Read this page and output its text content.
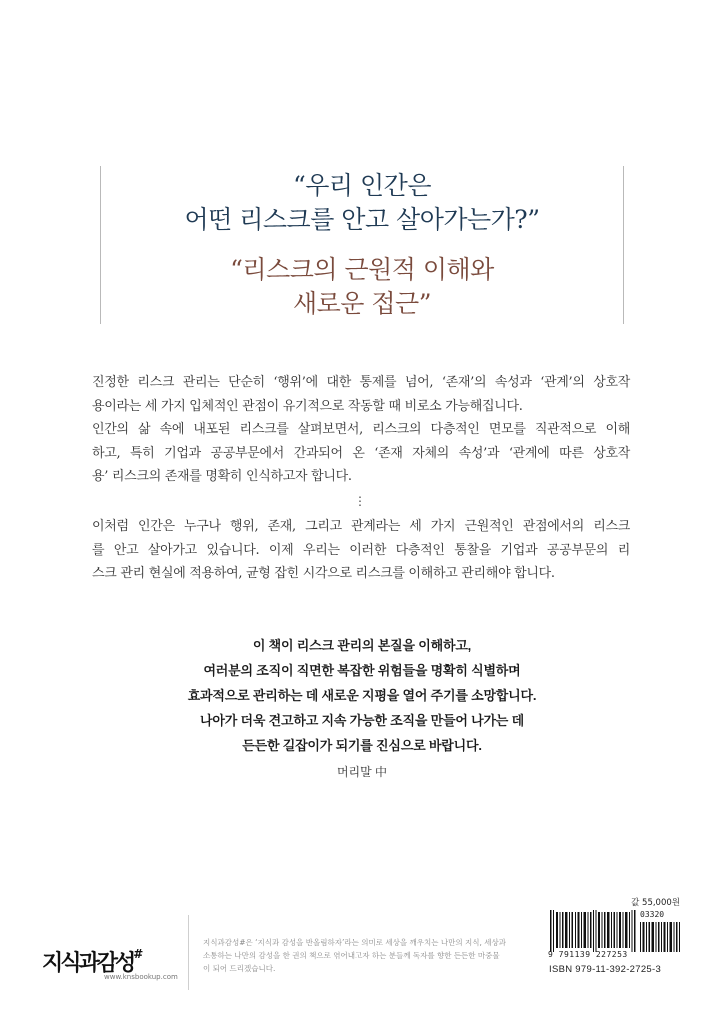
“우리 인간은
어떤 리스크를 안고 살아가는가?”
“리스크의 근원적 이해와
새로운 접근”

진정한 리스크 관리는 단순히 ‘행위’에 대한 통제를 넘어, ‘존재’의 속성과 ‘관계’의 상호작

용이라는 세 가지 입체적인 관점이 유기적으로 작동할 때 비로소 가능해집니다.

인간의 삶 속에 내포된 리스크를 살펴보면서, 리스크의 다층적인 면모를 직관적으로 이해

하고, 특히 기업과 공공부문에서 간과되어 온 ‘존재 자체의 속성’과 ‘관계에 따른 상호작

용’ 리스크의 존재를 명확히 인식하고자 합니다.

⋮

이처럼 인간은 누구나 행위, 존재, 그리고 관계라는 세 가지 근원적인 관점에서의 리스크

를 안고 살아가고 있습니다. 이제 우리는 이러한 다층적인 통찰을 기업과 공공부문의 리

스크 관리 현실에 적용하여, 균형 잡힌 시각으로 리스크를 이해하고 관리해야 합니다.

이 책이 리스크 관리의 본질을 이해하고,
여러분의 조직이 직면한 복잡한 위험들을 명확히 식별하며
효과적으로 관리하는 데 새로운 지평을 열어 주기를 소망합니다.
나아가 더욱 견고하고 지속 가능한 조직을 만들어 나가는 데
든든한 길잡이가 되기를 진심으로 바랍니다.
머리말 中
지식과감성#
www.knsbookup.com
지식과감성#은 ‘지식과 감성을 반올림하자’라는 의미로 세상을 깨우치는 나만의 지식, 세상과
소통하는 나만의 감성을 한 권의 책으로 엮어내고자 하는 분들께 독자를 향한 든든한 마중물
이 되어 드리겠습니다.
값 55,000원
03320
9 791139 227253
ISBN 979-11-392-2725-3
